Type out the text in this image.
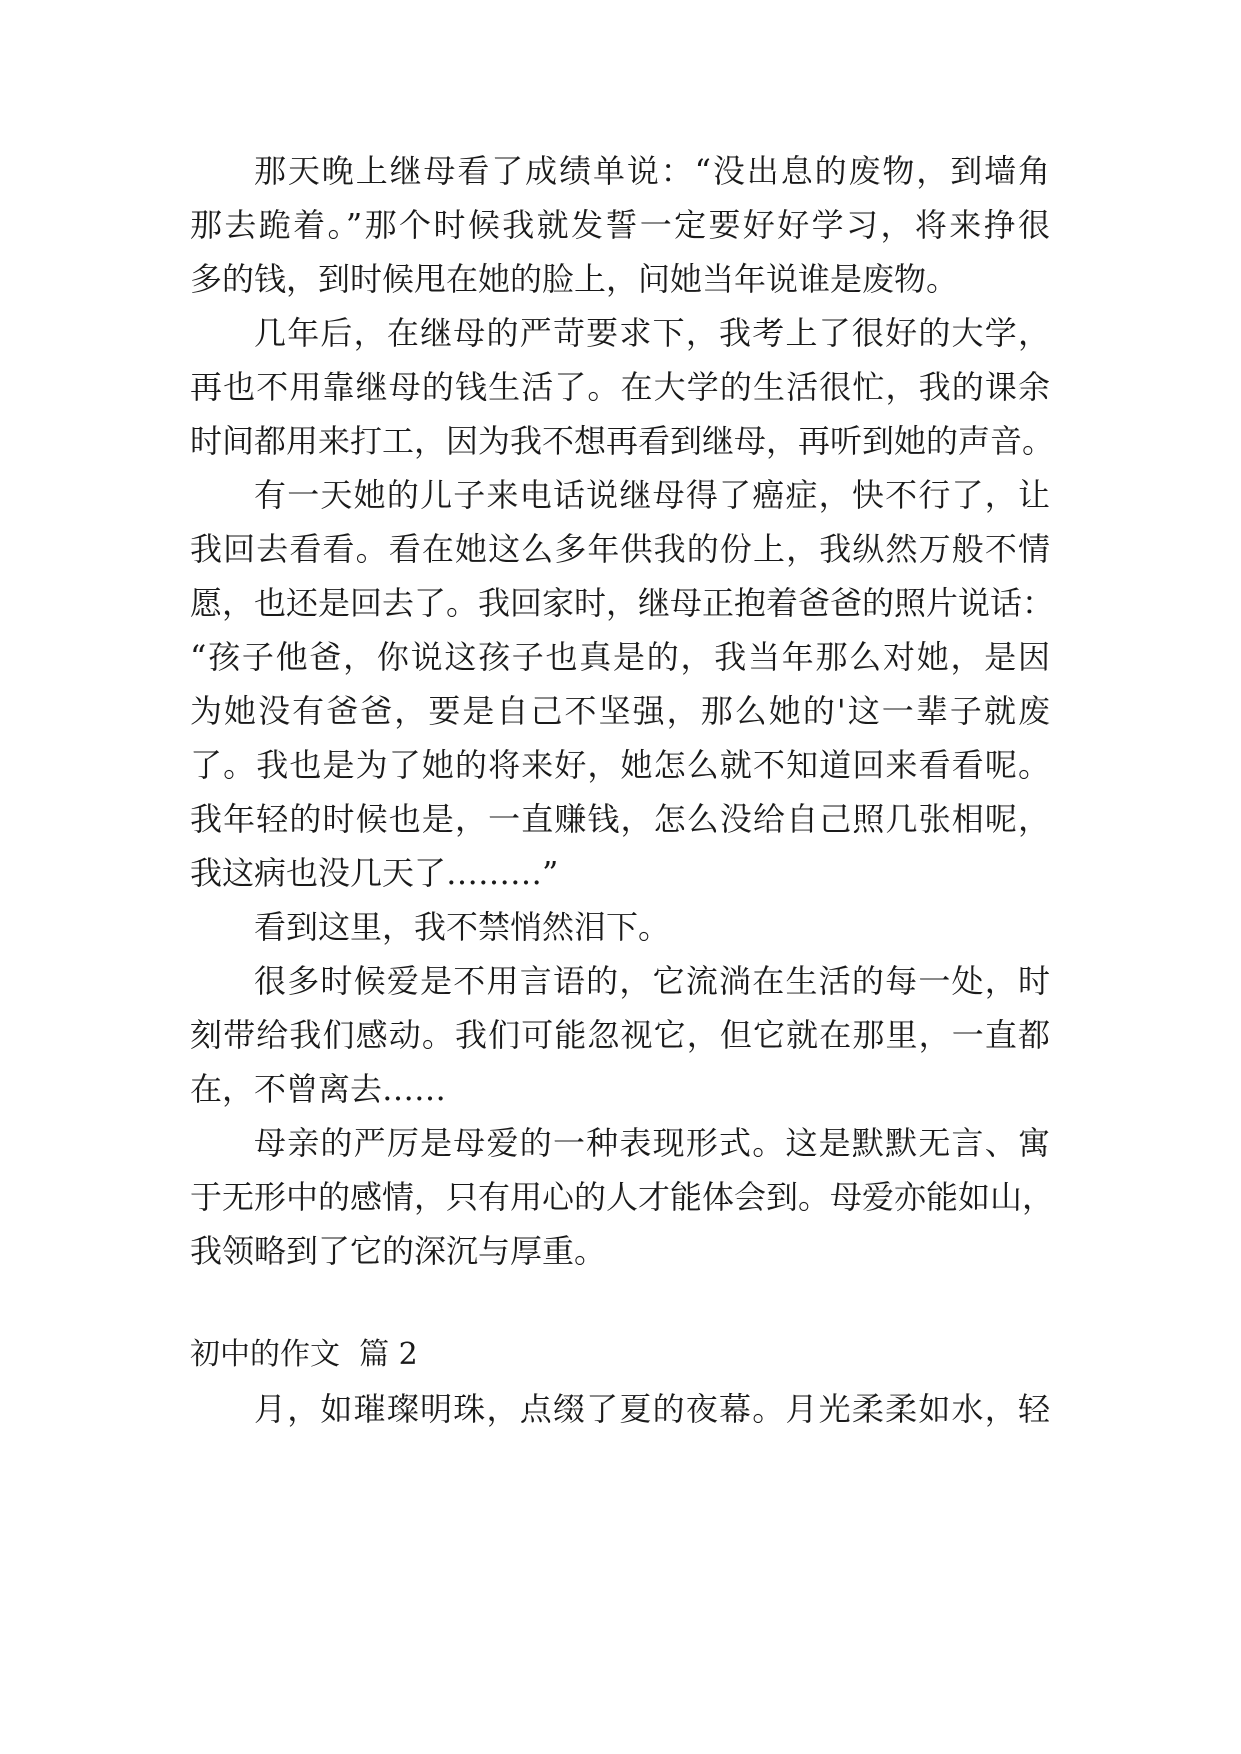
那天晚上继母看了成绩单说：“没出息的废物，到墙角
那去跪着。”那个时候我就发誓一定要好好学习，将来挣很
多的钱，到时候甩在她的脸上，问她当年说谁是废物。
几年后，在继母的严苛要求下，我考上了很好的大学，
再也不用靠继母的钱生活了。在大学的生活很忙，我的课余
时间都用来打工，因为我不想再看到继母，再听到她的声音。
有一天她的儿子来电话说继母得了癌症，快不行了，让
我回去看看。看在她这么多年供我的份上，我纵然万般不情
愿，也还是回去了。我回家时，继母正抱着爸爸的照片说话：
“孩子他爸，你说这孩子也真是的，我当年那么对她，是因
为她没有爸爸，要是自己不坚强，那么她的'这一辈子就废
了。我也是为了她的将来好，她怎么就不知道回来看看呢。
我年轻的时候也是，一直赚钱，怎么没给自己照几张相呢，
我这病也没几天了………”
看到这里，我不禁悄然泪下。
很多时候爱是不用言语的，它流淌在生活的每一处，时
刻带给我们感动。我们可能忽视它，但它就在那里，一直都
在，不曾离去……
母亲的严厉是母爱的一种表现形式。这是默默无言、寓
于无形中的感情，只有用心的人才能体会到。母爱亦能如山，
我领略到了它的深沉与厚重。
初中的作文  篇 2
月，如璀璨明珠，点缀了夏的夜幕。月光柔柔如水，轻
